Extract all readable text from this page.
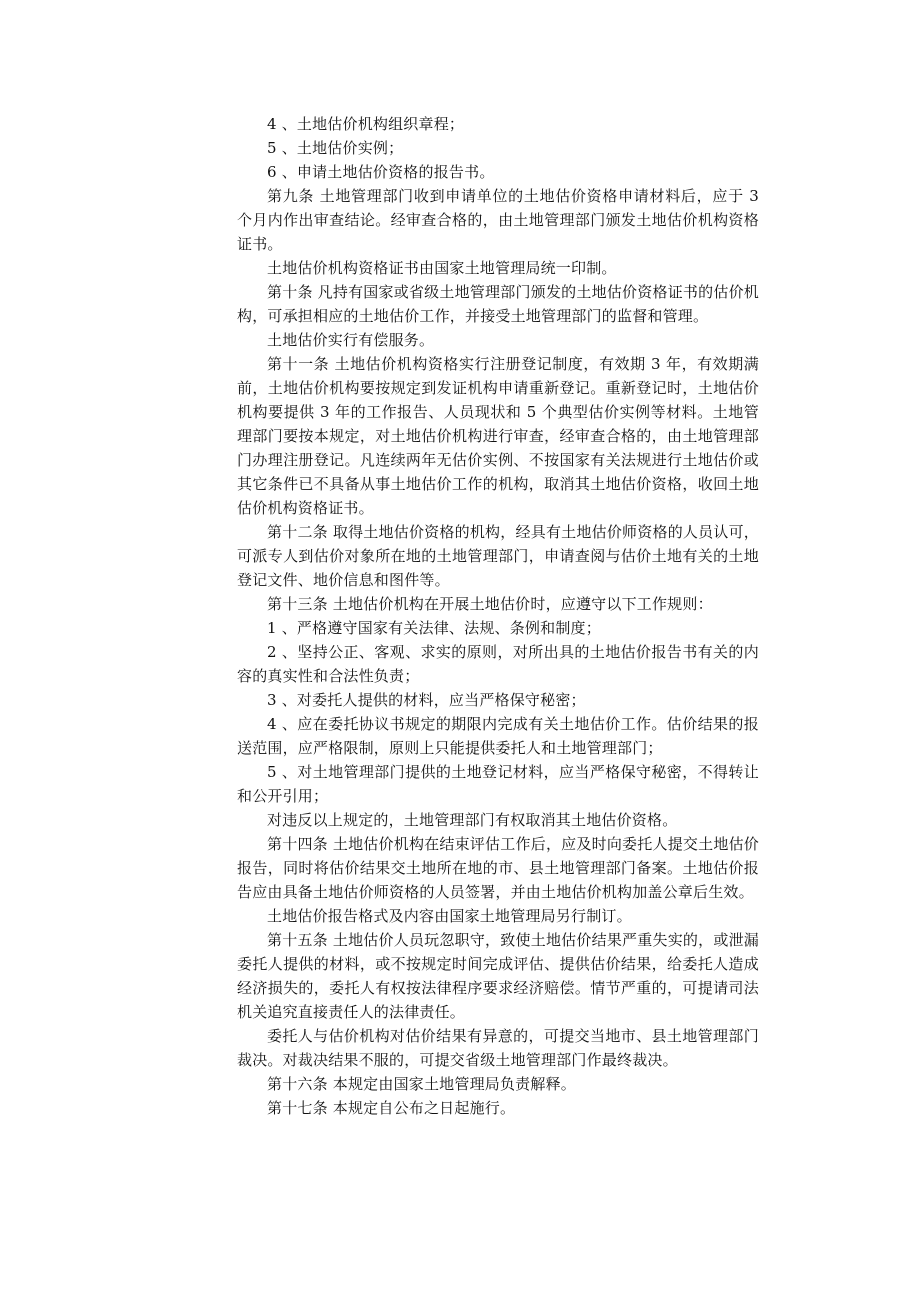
4 、土地估价机构组织章程；

5 、土地估价实例；

6 、申请土地估价资格的报告书。

第九条 土地管理部门收到申请单位的土地估价资格申请材料后，应于 3 个月内作出审查结论。经审查合格的，由土地管理部门颁发土地估价机构资格证书。

土地估价机构资格证书由国家土地管理局统一印制。

第十条 凡持有国家或省级土地管理部门颁发的土地估价资格证书的估价机构，可承担相应的土地估价工作，并接受土地管理部门的监督和管理。

土地估价实行有偿服务。

第十一条 土地估价机构资格实行注册登记制度，有效期 3 年，有效期满前，土地估价机构要按规定到发证机构申请重新登记。重新登记时，土地估价机构要提供 3 年的工作报告、人员现状和 5 个典型估价实例等材料。土地管理部门要按本规定，对土地估价机构进行审查，经审查合格的，由土地管理部门办理注册登记。凡连续两年无估价实例、不按国家有关法规进行土地估价或其它条件已不具备从事土地估价工作的机构，取消其土地估价资格，收回土地估价机构资格证书。

第十二条 取得土地估价资格的机构，经具有土地估价师资格的人员认可，可派专人到估价对象所在地的土地管理部门，申请查阅与估价土地有关的土地登记文件、地价信息和图件等。

第十三条 土地估价机构在开展土地估价时，应遵守以下工作规则：

1 、严格遵守国家有关法律、法规、条例和制度；

2 、坚持公正、客观、求实的原则，对所出具的土地估价报告书有关的内容的真实性和合法性负责；

3 、对委托人提供的材料，应当严格保守秘密；

4 、应在委托协议书规定的期限内完成有关土地估价工作。估价结果的报送范围，应严格限制，原则上只能提供委托人和土地管理部门；

5 、对土地管理部门提供的土地登记材料，应当严格保守秘密，不得转让和公开引用；

对违反以上规定的，土地管理部门有权取消其土地估价资格。

第十四条 土地估价机构在结束评估工作后，应及时向委托人提交土地估价报告，同时将估价结果交土地所在地的市、县土地管理部门备案。土地估价报告应由具备土地估价师资格的人员签署，并由土地估价机构加盖公章后生效。

土地估价报告格式及内容由国家土地管理局另行制订。

第十五条 土地估价人员玩忽职守，致使土地估价结果严重失实的，或泄漏委托人提供的材料，或不按规定时间完成评估、提供估价结果，给委托人造成经济损失的，委托人有权按法律程序要求经济赔偿。情节严重的，可提请司法机关追究直接责任人的法律责任。

委托人与估价机构对估价结果有异意的，可提交当地市、县土地管理部门裁决。对裁决结果不服的，可提交省级土地管理部门作最终裁决。

第十六条 本规定由国家土地管理局负责解释。

第十七条 本规定自公布之日起施行。
